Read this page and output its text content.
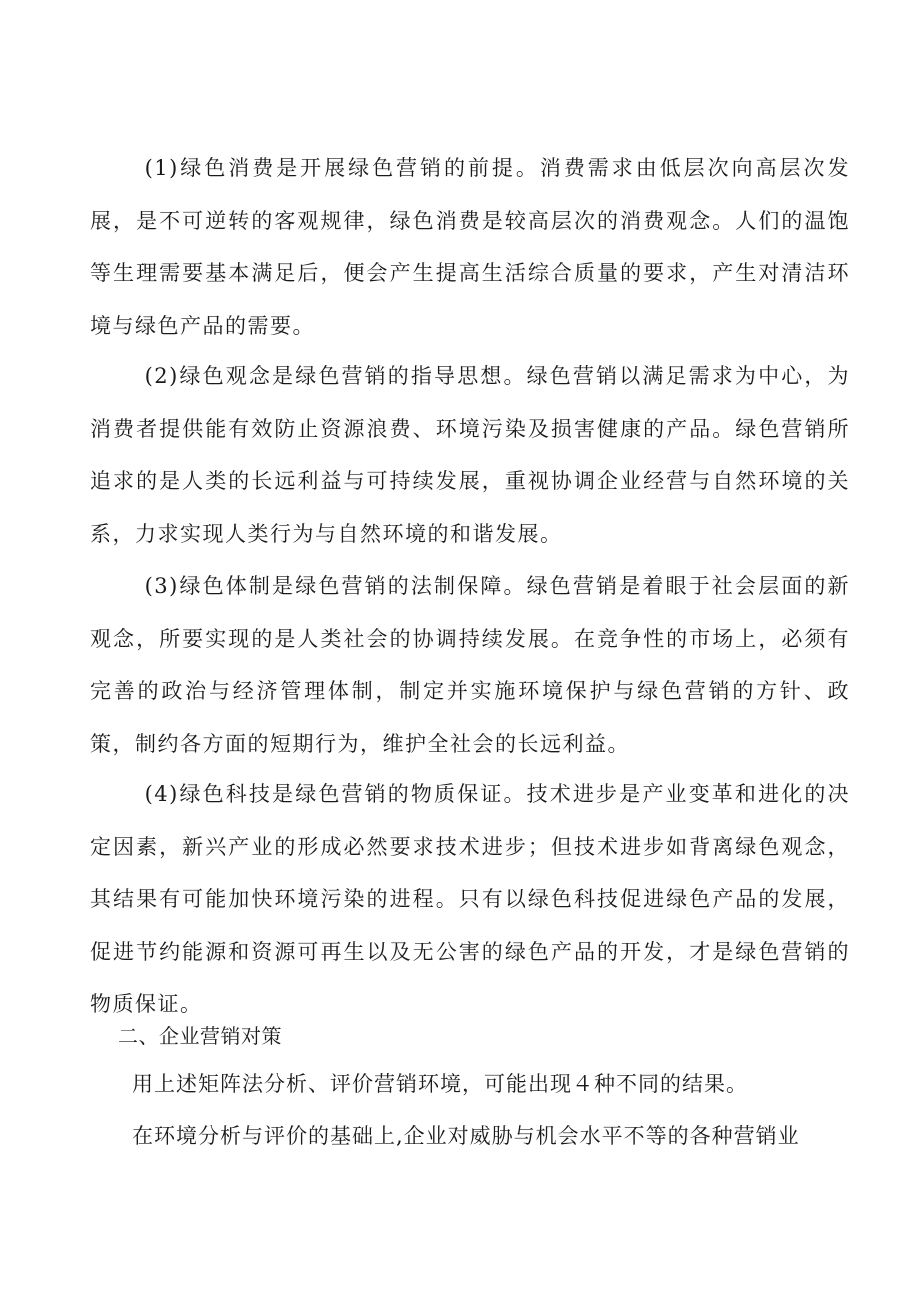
(1)绿色消费是开展绿色营销的前提。消费需求由低层次向高层次发展，是不可逆转的客观规律，绿色消费是较高层次的消费观念。人们的温饱等生理需要基本满足后，便会产生提高生活综合质量的要求，产生对清洁环境与绿色产品的需要。

(2)绿色观念是绿色营销的指导思想。绿色营销以满足需求为中心，为消费者提供能有效防止资源浪费、环境污染及损害健康的产品。绿色营销所追求的是人类的长远利益与可持续发展，重视协调企业经营与自然环境的关系，力求实现人类行为与自然环境的和谐发展。

(3)绿色体制是绿色营销的法制保障。绿色营销是着眼于社会层面的新观念，所要实现的是人类社会的协调持续发展。在竞争性的市场上，必须有完善的政治与经济管理体制，制定并实施环境保护与绿色营销的方针、政策，制约各方面的短期行为，维护全社会的长远利益。

(4)绿色科技是绿色营销的物质保证。技术进步是产业变革和进化的决定因素，新兴产业的形成必然要求技术进步；但技术进步如背离绿色观念，其结果有可能加快环境污染的进程。只有以绿色科技促进绿色产品的发展，促进节约能源和资源可再生以及无公害的绿色产品的开发，才是绿色营销的物质保证。

二、企业营销对策

用上述矩阵法分析、评价营销环境，可能出现４种不同的结果。

在环境分析与评价的基础上,企业对威胁与机会水平不等的各种营销业
